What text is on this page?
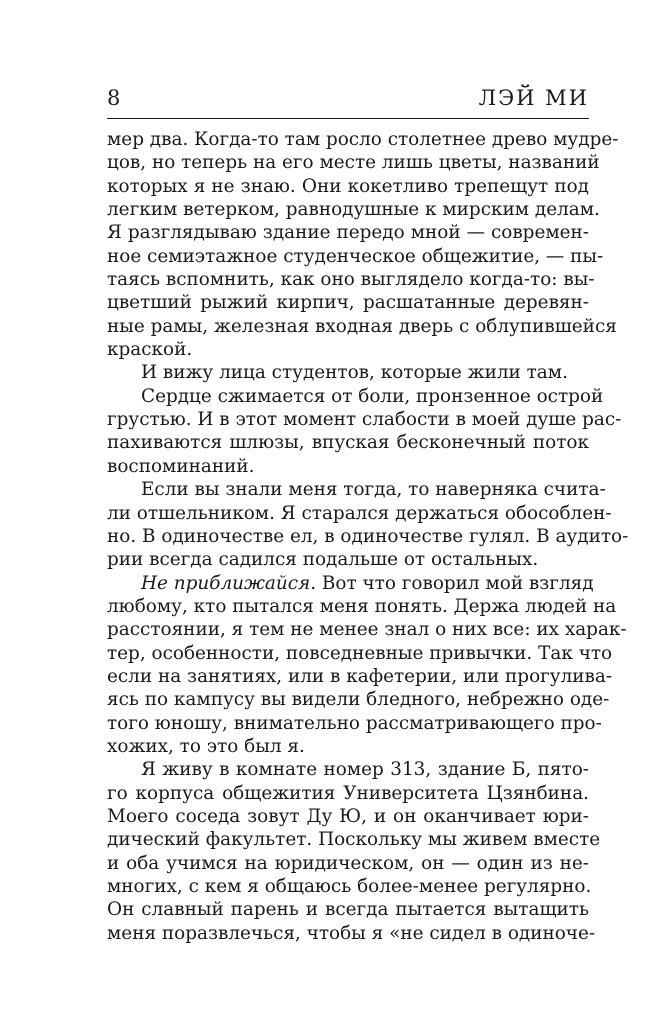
8	ЛЭЙ МИ
мер два. Когда-то там росло столетнее древо мудре-
цов, но теперь на его месте лишь цветы, названий
которых я не знаю. Они кокетливо трепещут под
легким ветерком, равнодушные к мирским делам.
Я разглядываю здание передо мной — современ-
ное семиэтажное студенческое общежитие, — пы-
таясь вспомнить, как оно выглядело когда-то: вы-
цветший рыжий кирпич, расшатанные деревян-
ные рамы, железная входная дверь с облупившейся
краской.
И вижу лица студентов, которые жили там.
Сердце сжимается от боли, пронзенное острой
грустью. И в этот момент слабости в моей душе рас-
пахиваются шлюзы, впуская бесконечный поток
воспоминаний.
Если вы знали меня тогда, то наверняка счита-
ли отшельником. Я старался держаться обособлен-
но. В одиночестве ел, в одиночестве гулял. В аудито-
рии всегда садился подальше от остальных.
Не приближайся. Вот что говорил мой взгляд
любому, кто пытался меня понять. Держа людей на
расстоянии, я тем не менее знал о них все: их харак-
тер, особенности, повседневные привычки. Так что
если на занятиях, или в кафетерии, или прогулива-
ясь по кампусу вы видели бледного, небрежно оде-
того юношу, внимательно рассматривающего про-
хожих, то это был я.
Я живу в комнате номер 313, здание Б, пято-
го корпуса общежития Университета Цзянбина.
Моего соседа зовут Ду Ю, и он оканчивает юри-
дический факультет. Поскольку мы живем вместе
и оба учимся на юридическом, он — один из не-
многих, с кем я общаюсь более-менее регулярно.
Он славный парень и всегда пытается вытащить
меня поразвлечься, чтобы я «не сидел в одиноче-
